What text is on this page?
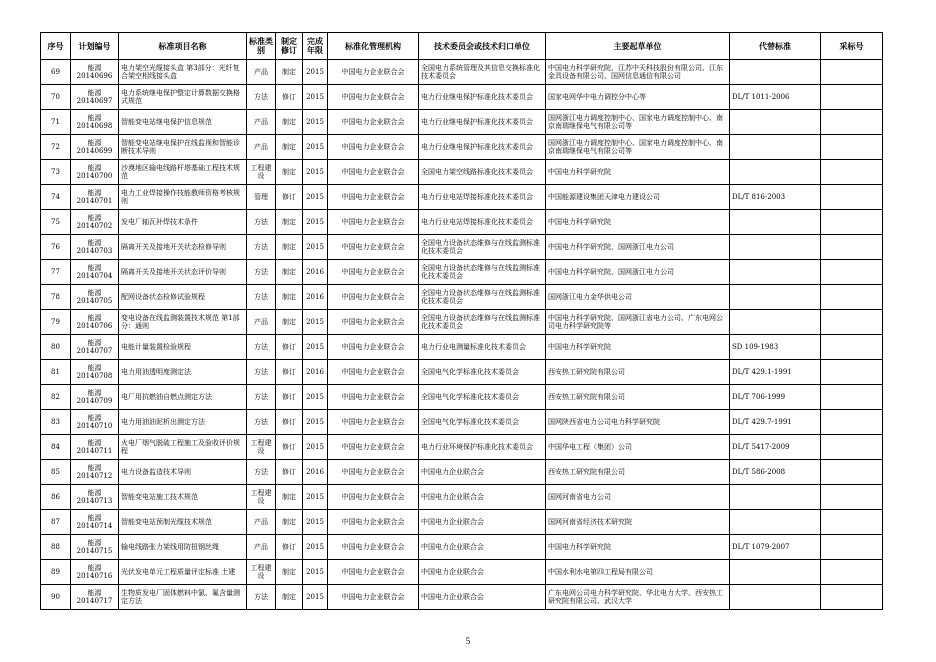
序号	计划编号	标准项目名称	标准类别	制定修订	完成年限	标准化管理机构	技术委员会或技术归口单位	主要起草单位	代替标准	采标号
69	能源 20140696	电力架空光缆接头盒 第3部分：光纤复合架空相线接头盒	产品	制定	2015	中国电力企业联合会	全国电力系统管理及其信息交换标准化技术委员会	中国电力科学研究院、江苏中天科技股份有限公司、江东金具设备有限公司、国网信息通信有限公司		
70	能源 20140697	电力系统继电保护整定计算数据交换格式规范	方法	修订	2015	中国电力企业联合会	电力行业继电保护标准化技术委员会	国家电网华中电力调控分中心等	DL/T 1011-2006	
71	能源 20140698	智能变电站继电保护信息规范	产品	制定	2015	中国电力企业联合会	电力行业继电保护标准化技术委员会	国网浙江电力调度控制中心、国家电力调度控制中心、南京南瑞继保电气有限公司等		
72	能源 20140699	智能变电站继电保护在线监视和智能诊断技术导则	产品	制定	2015	中国电力企业联合会	电力行业继电保护标准化技术委员会	国网浙江电力调度控制中心、国家电力调度控制中心、南京南瑞继保电气有限公司等		
73	能源 20140700	沙漠地区输电线路杆塔基础工程技术规范	工程建设	制定	2015	中国电力企业联合会	全国电力架空线路标准化技术委员会	中国电力科学研究院		
74	能源 20140701	电力工业焊接操作技能教师资格考核规则	管理	修订	2015	中国电力企业联合会	电力行业电站焊接标准化技术委员会	中国能源建设集团天津电力建设公司	DL/T 816-2003	
75	能源 20140702	发电厂轴瓦补焊技术条件	方法	制定	2015	中国电力企业联合会	电力行业电站焊接标准化技术委员会	中国电力科学研究院		
76	能源 20140703	隔离开关及接地开关状态检修导则	方法	制定	2015	中国电力企业联合会	全国电力设备状态维修与在线监测标准化技术委员会	中国电力科学研究院、国网浙江电力公司		
77	能源 20140704	隔离开关及接地开关状态评价导则	方法	制定	2016	中国电力企业联合会	全国电力设备状态维修与在线监测标准化技术委员会	中国电力科学研究院、国网浙江电力公司		
78	能源 20140705	配网设备状态检修试验规程	方法	制定	2016	中国电力企业联合会	全国电力设备状态维修与在线监测标准化技术委员会	国网浙江电力金华供电公司		
79	能源 20140706	变电设备在线监测装置技术规范 第1部分：通则	产品	制定	2015	中国电力企业联合会	全国电力设备状态维修与在线监测标准化技术委员会	中国电力科学研究院、国网浙江省电力公司、广东电网公司电力科学研究院等		
80	能源 20140707	电能计量装置检验规程	方法	修订	2015	中国电力企业联合会	电力行业电测量标准化技术委员会	中国电力科学研究院	SD 109-1983	
81	能源 20140708	电力用油透明度测定法	方法	修订	2016	中国电力企业联合会	全国电气化学标准化技术委员会	西安热工研究院有限公司	DL/T 429.1-1991	
82	能源 20140709	电厂用抗燃油自燃点测定方法	方法	修订	2015	中国电力企业联合会	全国电气化学标准化技术委员会	西安热工研究院有限公司	DL/T 706-1999	
83	能源 20140710	电力用油油泥析出测定方法	方法	修订	2015	中国电力企业联合会	全国电气化学标准化技术委员会	国网陕西省电力公司电力科学研究院	DL/T 429.7-1991	
84	能源 20140711	火电厂烟气脱硫工程施工及验收评价规程	工程建设	修订	2015	中国电力企业联合会	电力行业环境保护标准化技术委员会	中国华电工程（集团）公司	DL/T 5417-2009	
85	能源 20140712	电力设备监造技术导则	方法	修订	2016	中国电力企业联合会	中国电力企业联合会	西安热工研究院有限公司	DL/T 586-2008	
86	能源 20140713	智能变电站施工技术规范	工程建设	制定	2015	中国电力企业联合会	中国电力企业联合会	国网河南省电力公司		
87	能源 20140714	智能变电站预制光缆技术规范	产品	制定	2015	中国电力企业联合会	中国电力企业联合会	国网河南省经济技术研究院		
88	能源 20140715	输电线路张力架线用防扭钢丝绳	产品	修订	2015	中国电力企业联合会	中国电力企业联合会	中国电力科学研究院	DL/T 1079-2007	
89	能源 20140716	光伏发电单元工程质量评定标准 土建	工程建设	制定	2015	中国电力企业联合会	中国电力企业联合会	中国水利水电第四工程局有限公司		
90	能源 20140717	生物质发电厂固体燃料中氯、氟含量测定方法	方法	制定	2015	中国电力企业联合会	中国电力企业联合会	广东电网公司电力科学研究院、华北电力大学、西安热工研究院有限公司、武汉大学		
5
